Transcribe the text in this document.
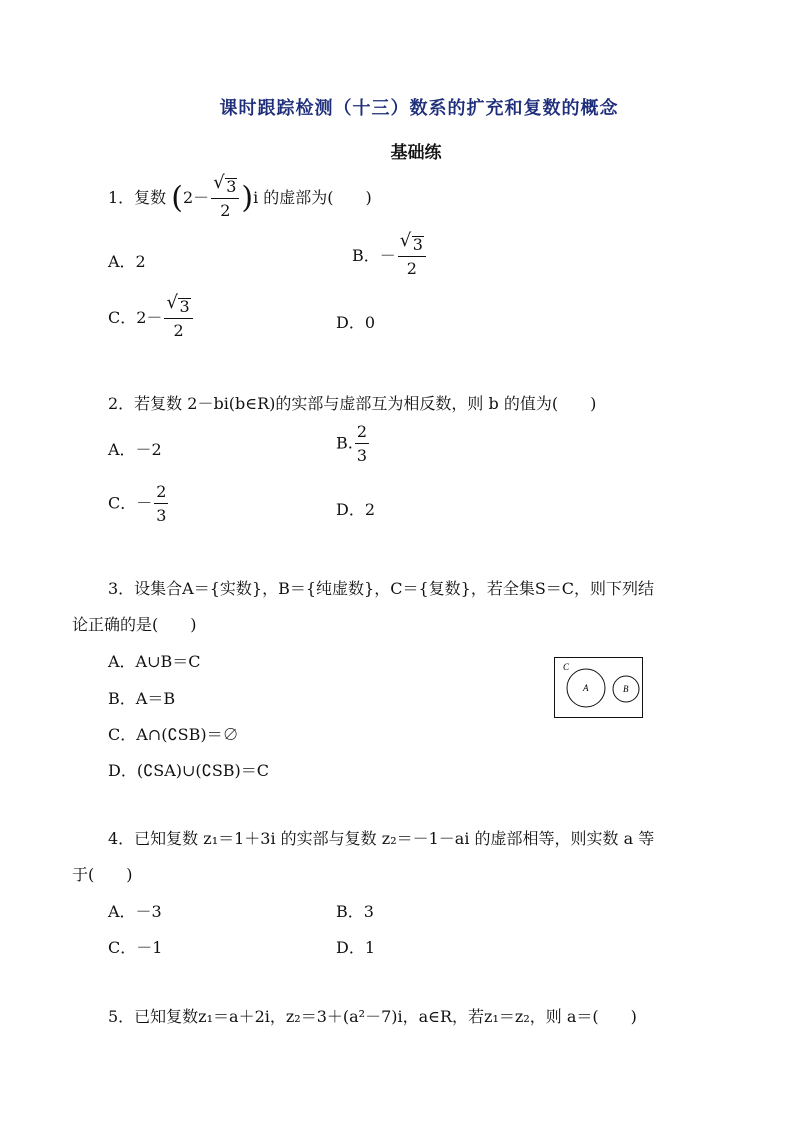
课时跟踪检测（十三）数系的扩充和复数的概念
基础练
1．复数 $(2- \frac{√ 3}{2} )i$ 的虚部为(　　)
A．2	B．－ $\frac{√ 3}{2}$
C．$2- \frac{√ 3}{2}$	D．0
2．若复数 2－bi(b∈R)的实部与虚部互为相反数，则 b 的值为(　　)
A．－2	B. $\frac{2}{3}$
C．－ $\frac{2}{3}$	D．2
3．设集合A＝{实数}，B＝{纯虚数}，C＝{复数}，若全集S＝C，则下列结
论正确的是(　　)
A．A∪B＝C
B．A＝B
C．A∩(∁SB)＝∅
D．(∁SA)∪(∁SB)＝C
C
A	B
4．已知复数 z₁＝1＋3i 的实部与复数 z₂＝－1－ai 的虚部相等，则实数 a 等
于(　　)
A．－3	B．3
C．－1	D．1
5．已知复数z₁＝a＋2i，z₂＝3＋(a²－7)i，a∈R，若z₁＝z₂，则 a＝(　　)
